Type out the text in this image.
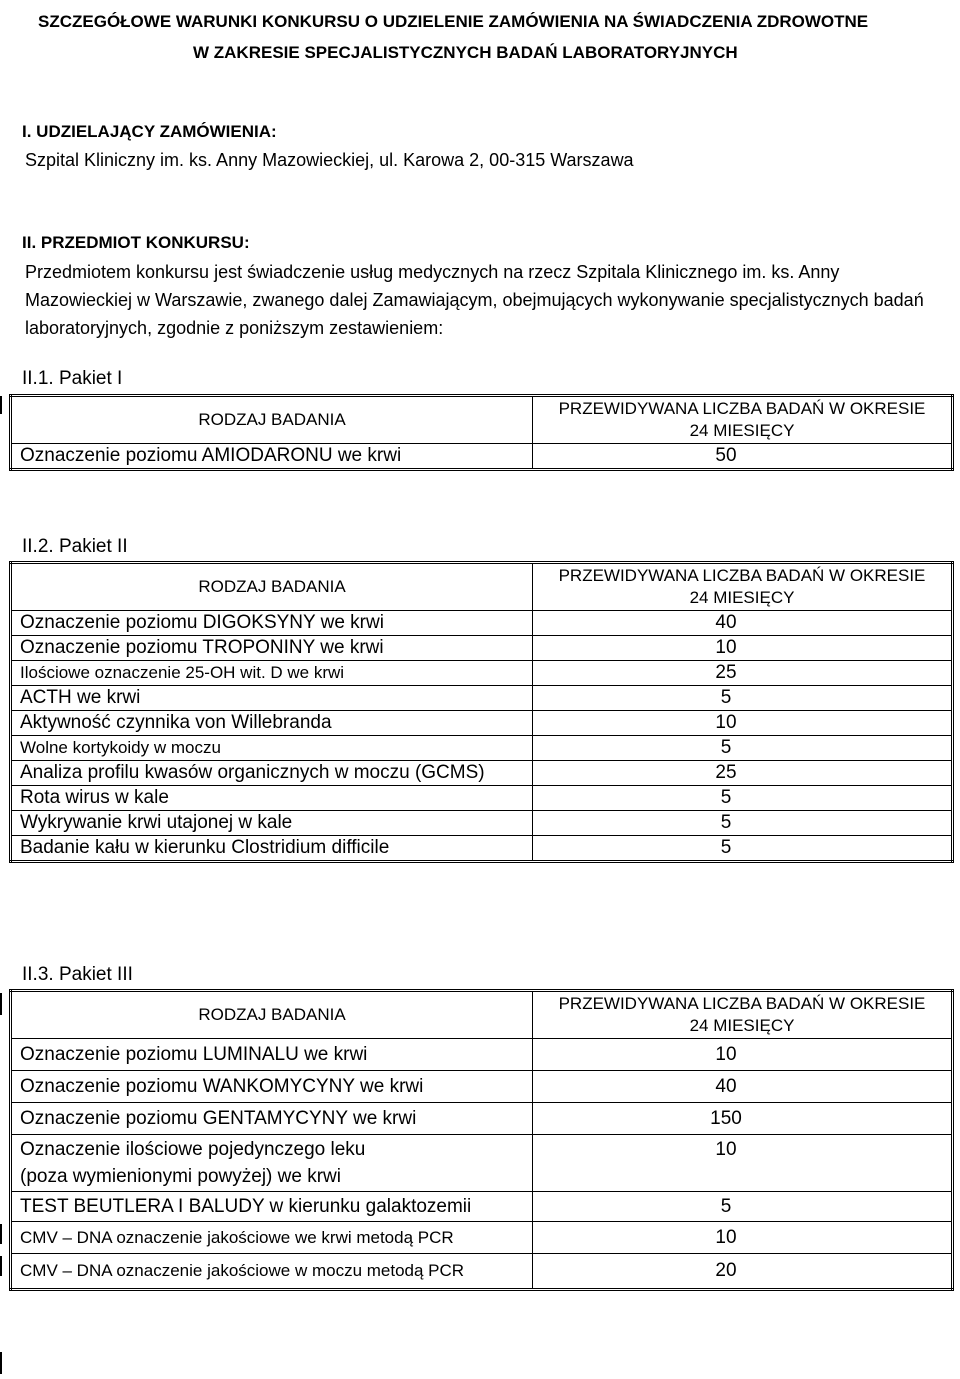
SZCZEGÓŁOWE WARUNKI KONKURSU O UDZIELENIE ZAMÓWIENIA NA ŚWIADCZENIA ZDROWOTNE
W ZAKRESIE SPECJALISTYCZNYCH BADAŃ LABORATORYJNYCH
I. UDZIELAJĄCY ZAMÓWIENIA:
Szpital Kliniczny im. ks. Anny Mazowieckiej, ul. Karowa 2, 00-315 Warszawa
II. PRZEDMIOT KONKURSU:
Przedmiotem konkursu jest świadczenie usług medycznych na rzecz Szpitala Klinicznego im. ks. Anny Mazowieckiej w Warszawie, zwanego dalej Zamawiającym, obejmujących wykonywanie specjalistycznych badań laboratoryjnych, zgodnie z poniższym zestawieniem:
II.1. Pakiet I
RODZAJ BADANIA	PRZEWIDYWANA LICZBA BADAŃ W OKRESIE
24 MIESIĘCY

Oznaczenie poziomu AMIODARONU we krwi	50
II.2. Pakiet II
RODZAJ BADANIA	PRZEWIDYWANA LICZBA BADAŃ W OKRESIE
24 MIESIĘCY

Oznaczenie poziomu DIGOKSYNY we krwi	40
Oznaczenie poziomu TROPONINY we krwi	10
Ilościowe oznaczenie 25-OH wit. D we krwi	25
ACTH we krwi	5
Aktywność czynnika von Willebranda	10
Wolne kortykoidy w moczu	5
Analiza profilu kwasów organicznych w moczu (GCMS)	25
Rota wirus w kale	5
Wykrywanie krwi utajonej w kale	5
Badanie kału w kierunku Clostridium difficile	5
II.3. Pakiet III
RODZAJ BADANIA	PRZEWIDYWANA LICZBA BADAŃ W OKRESIE
24 MIESIĘCY

Oznaczenie poziomu LUMINALU we krwi	10
Oznaczenie poziomu WANKOMYCYNY we krwi	40
Oznaczenie poziomu GENTAMYCYNY we krwi	150

Oznaczenie ilościowe pojedynczego leku
(poza wymienionymi powyżej) we krwi	10
TEST BEUTLERA I BALUDY w kierunku galaktozemii	5
CMV – DNA oznaczenie jakościowe we krwi metodą PCR	10
CMV – DNA oznaczenie jakościowe w moczu metodą PCR	20
